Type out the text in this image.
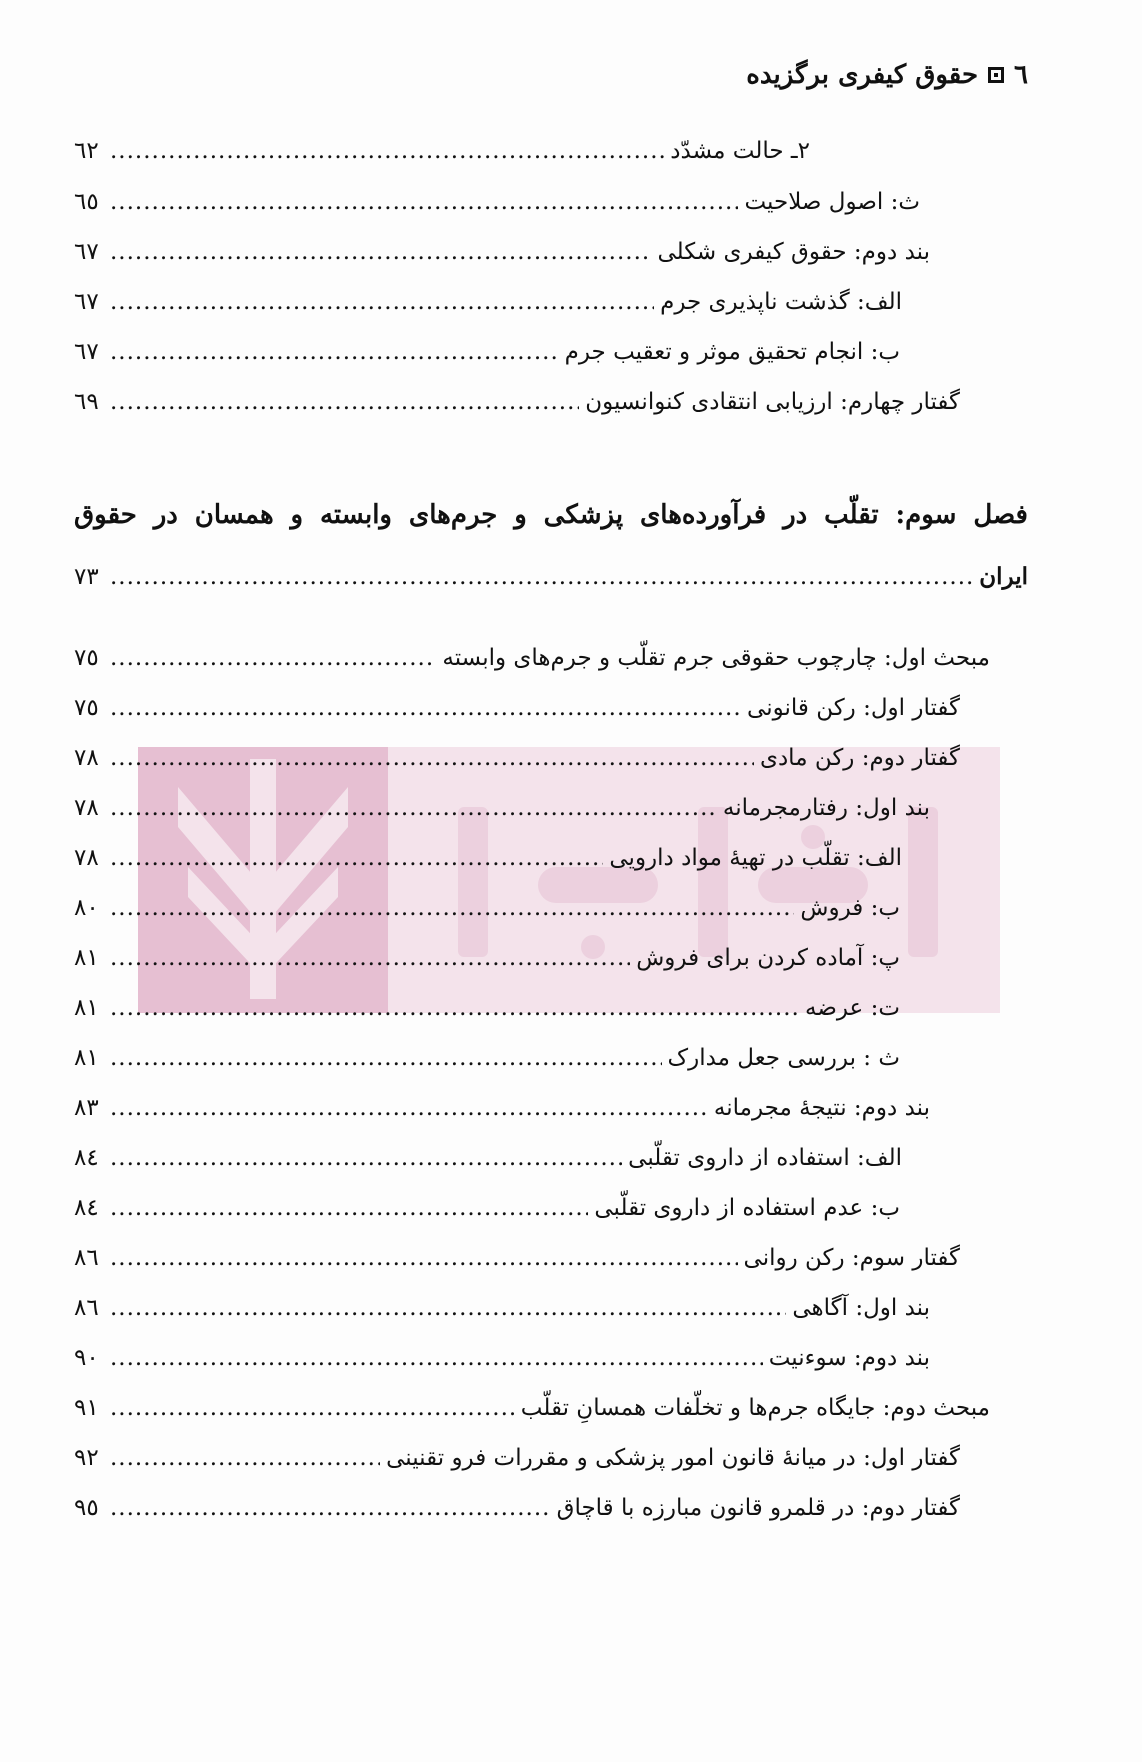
٦
حقوق کیفری برگزیده
٢ـ حالت مشدّد
.....
٦٢
ث: اصول صلاحیت
.....
٦٥
بند دوم: حقوق کیفری شکلی
.....
٦٧
الف: گذشت ناپذیری جرم
.....
٦٧
ب: انجام تحقیق موثر و تعقیب جرم
.....
٦٧
گفتار چهارم: ارزیابی انتقادی کنوانسیون
.....
٦٩
فصل سوم: تقلّب در فرآورده‌های پزشکی و جرم‌های وابسته و همسان در حقوق
ایران
.....
٧٣
مبحث اول: چارچوب حقوقی جرم تقلّب و جرم‌های وابسته
.....
٧٥
گفتار اول: رکن قانونی
.....
٧٥
گفتار دوم: رکن مادی
.....
٧٨
بند اول: رفتارمجرمانه
.....
٧٨
الف: تقلّب در تهیهٔ مواد دارویی
.....
٧٨
ب: فروش
.....
٨٠
پ: آماده کردن برای فروش
.....
٨١
ت: عرضه
.....
٨١
ث : بررسی جعل مدارک
.....
٨١
بند دوم: نتیجهٔ مجرمانه
.....
٨٣
الف: استفاده از داروی تقلّبی
.....
٨٤
ب: عدم استفاده از داروی تقلّبی
.....
٨٤
گفتار سوم: رکن روانی
.....
٨٦
بند اول: آگاهی
.....
٨٦
بند دوم: سوءنیت
.....
٩٠
مبحث دوم: جایگاه جرم‌ها و تخلّفات همسانِ تقلّب
.....
٩١
گفتار اول: در میانهٔ قانون امور پزشکی و مقررات فرو تقنینی
.....
٩٢
گفتار دوم: در قلمرو قانون مبارزه با قاچاق
.....
٩٥
